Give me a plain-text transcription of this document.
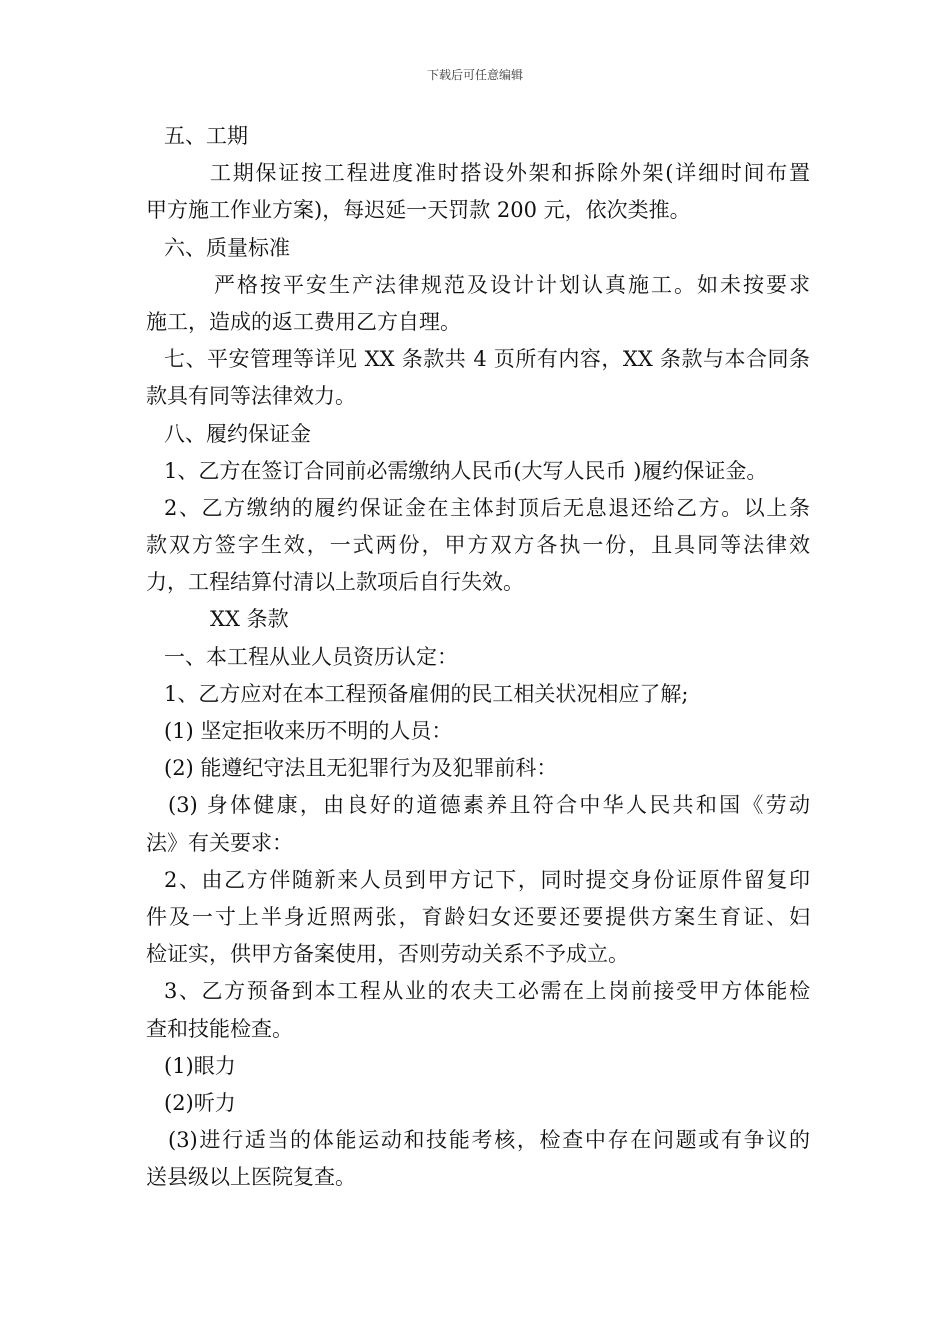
下载后可任意编辑
五、工期
工期保证按工程进度准时搭设外架和拆除外架(详细时间布置
甲方施工作业方案)，每迟延一天罚款 200 元，依次类推。
六、质量标准
严格按平安生产法律规范及设计计划认真施工。如未按要求
施工，造成的返工费用乙方自理。
七、平安管理等详见 XX 条款共 4 页所有内容，XX 条款与本合同条
款具有同等法律效力。
八、履约保证金
1、乙方在签订合同前必需缴纳人民币(大写人民币 )履约保证金。
2、乙方缴纳的履约保证金在主体封顶后无息退还给乙方。以上条
款双方签字生效，一式两份，甲方双方各执一份，且具同等法律效
力，工程结算付清以上款项后自行失效。
XX 条款
一、本工程从业人员资历认定：
1、乙方应对在本工程预备雇佣的民工相关状况相应了解;
(1) 坚定拒收来历不明的人员：
(2) 能遵纪守法且无犯罪行为及犯罪前科：
(3) 身体健康，由良好的道德素养且符合中华人民共和国《劳动
法》有关要求：
2、由乙方伴随新来人员到甲方记下，同时提交身份证原件留复印
件及一寸上半身近照两张，育龄妇女还要还要提供方案生育证、妇
检证实，供甲方备案使用，否则劳动关系不予成立。
3、乙方预备到本工程从业的农夫工必需在上岗前接受甲方体能检
查和技能检查。
(1)眼力
(2)听力
(3)进行适当的体能运动和技能考核，检查中存在问题或有争议的
送县级以上医院复查。
